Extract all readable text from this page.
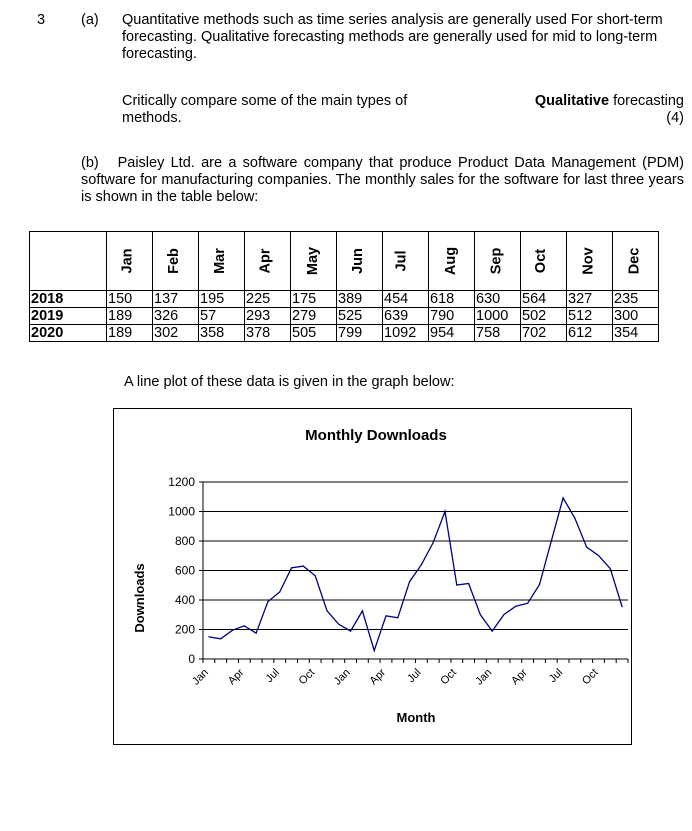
3 (a) Quantitative methods such as time series analysis are generally used For short-term forecasting. Qualitative forecasting methods are generally used for mid to long-term forecasting.
Critically compare some of the main types of	Qualitative forecasting
methods.	(4)
(b) Paisley Ltd. are a software company that produce Product Data Management (PDM) software for manufacturing companies. The monthly sales for the software for last three years is shown in the table below:
	Jan	Feb	Mar	Apr	May	Jun	Jul	Aug	Sep	Oct	Nov	Dec
2018	150	137	195	225	175	389	454	618	630	564	327	235
2019	189	326	57	293	279	525	639	790	1000	502	512	300
2020	189	302	358	378	505	799	1092	954	758	702	612	354
A line plot of these data is given in the graph below:
Monthly Downloads
0
200
400
600
800
1000
1200
Jan Apr Jul Oct Jan Apr Jul Oct Jan Apr Jul Oct
Downloads
Month
